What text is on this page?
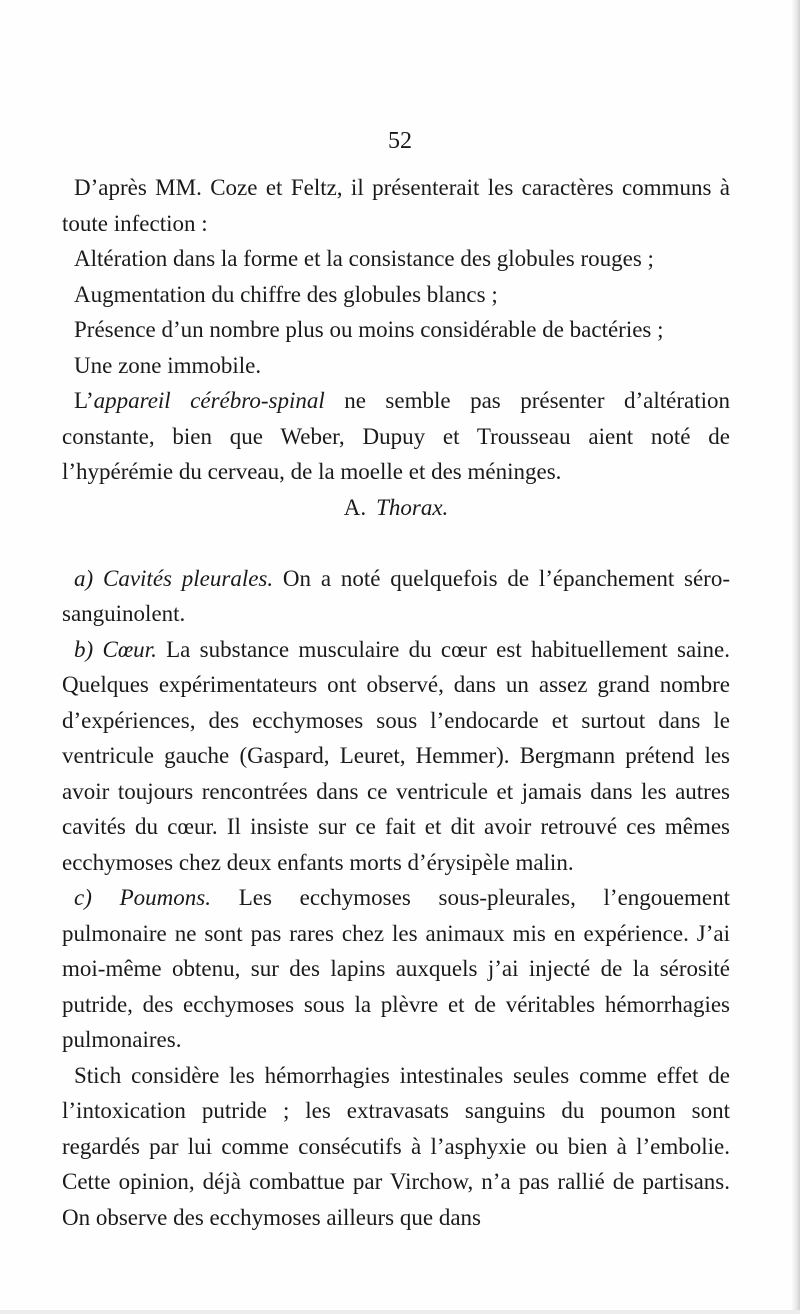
52

D’après MM. Coze et Feltz, il présenterait les caractères communs à toute infection :

Altération dans la forme et la consistance des globules rouges ;

Augmentation du chiffre des globules blancs ;

Présence d’un nombre plus ou moins considérable de bactéries ;

Une zone immobile.

L’appareil cérébro-spinal ne semble pas présenter d’altération constante, bien que Weber, Dupuy et Trousseau aient noté de l’hypérémie du cerveau, de la moelle et des méninges.

A. Thorax.

a) Cavités pleurales. On a noté quelquefois de l’épanchement séro-sanguinolent.

b) Cœur. La substance musculaire du cœur est habituellement saine. Quelques expérimentateurs ont observé, dans un assez grand nombre d’expériences, des ecchymoses sous l’endocarde et surtout dans le ventricule gauche (Gaspard, Leuret, Hemmer). Bergmann prétend les avoir toujours rencontrées dans ce ventricule et jamais dans les autres cavités du cœur. Il insiste sur ce fait et dit avoir retrouvé ces mêmes ecchymoses chez deux enfants morts d’érysipèle malin.

c) Poumons. Les ecchymoses sous-pleurales, l’engouement pulmonaire ne sont pas rares chez les animaux mis en expérience. J’ai moi-même obtenu, sur des lapins auxquels j’ai injecté de la sérosité putride, des ecchymoses sous la plèvre et de véritables hémorrhagies pulmonaires.

Stich considère les hémorrhagies intestinales seules comme effet de l’intoxication putride ; les extravasats sanguins du poumon sont regardés par lui comme consécutifs à l’asphyxie ou bien à l’embolie. Cette opinion, déjà combattue par Virchow, n’a pas rallié de partisans. On observe des ecchymoses ailleurs que dans
